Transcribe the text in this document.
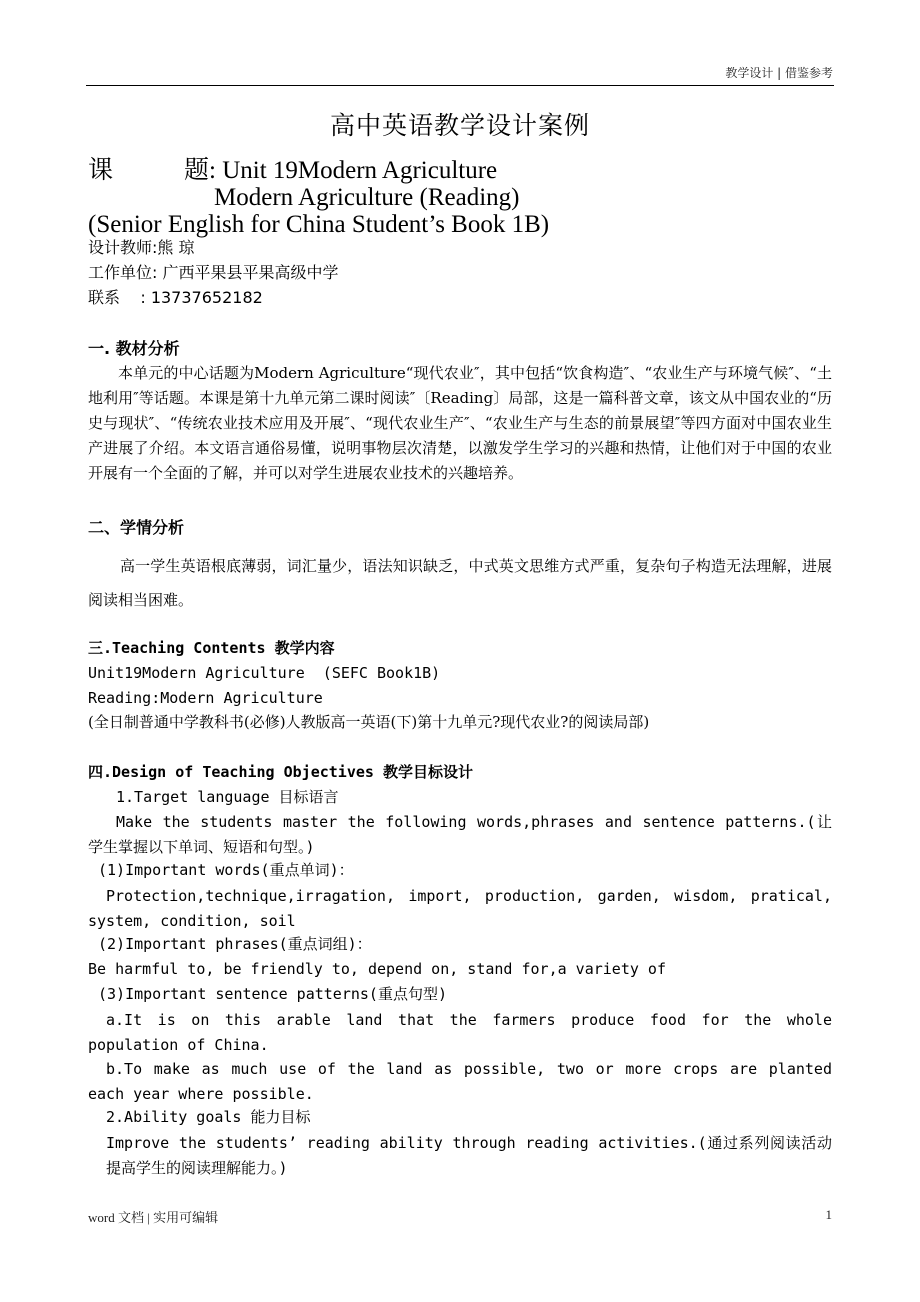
教学设计 | 借鉴参考
高中英语教学设计案例
课	题: Unit 19Modern Agriculture
Modern Agriculture (Reading)
(Senior English for China Student’s Book 1B)
设计教师:熊 琼
工作单位: 广西平果县平果高级中学
联系    : 13737652182
一. 教材分析
本单元的中心话题为Modern Agriculture“现代农业″，其中包括“饮食构造″、“农业生产与环境气候″、“土地利用″等话题。本课是第十九单元第二课时阅读″〔Reading〕局部，这是一篇科普文章，该文从中国农业的“历史与现状″、“传统农业技术应用及开展″、“现代农业生产″、“农业生产与生态的前景展望″等四方面对中国农业生产进展了介绍。本文语言通俗易懂，说明事物层次清楚，以激发学生学习的兴趣和热情，让他们对于中国的农业开展有一个全面的了解，并可以对学生进展农业技术的兴趣培养。
二、学情分析
高一学生英语根底薄弱，词汇量少，语法知识缺乏，中式英文思维方式严重，复杂句子构造无法理解，进展阅读相当困难。
三.Teaching Contents 教学内容
Unit19Modern Agriculture  (SEFC Book1B)
Reading:Modern Agriculture
(全日制普通中学教科书(必修)人教版高一英语(下)第十九单元?现代农业?的阅读局部)
四.Design of Teaching Objectives 教学目标设计
1.Target language 目标语言
Make the students master the following words,phrases and sentence patterns.(让学生掌握以下单词、短语和句型。)
(1)Important words(重点单词)：
Protection,technique,irragation, import, production, garden, wisdom, pratical, system, condition, soil
(2)Important phrases(重点词组)：
Be harmful to, be friendly to, depend on, stand for,a variety of
(3)Important sentence patterns(重点句型)
a.It is on this arable land that the farmers produce food for the whole population of China.
b.To make as much use of the land as possible, two or more crops are planted each year where possible.
2.Ability goals 能力目标
Improve the students’ reading ability through reading activities.(通过系列阅读活动提高学生的阅读理解能力。)
word 文档 | 实用可编辑	1
